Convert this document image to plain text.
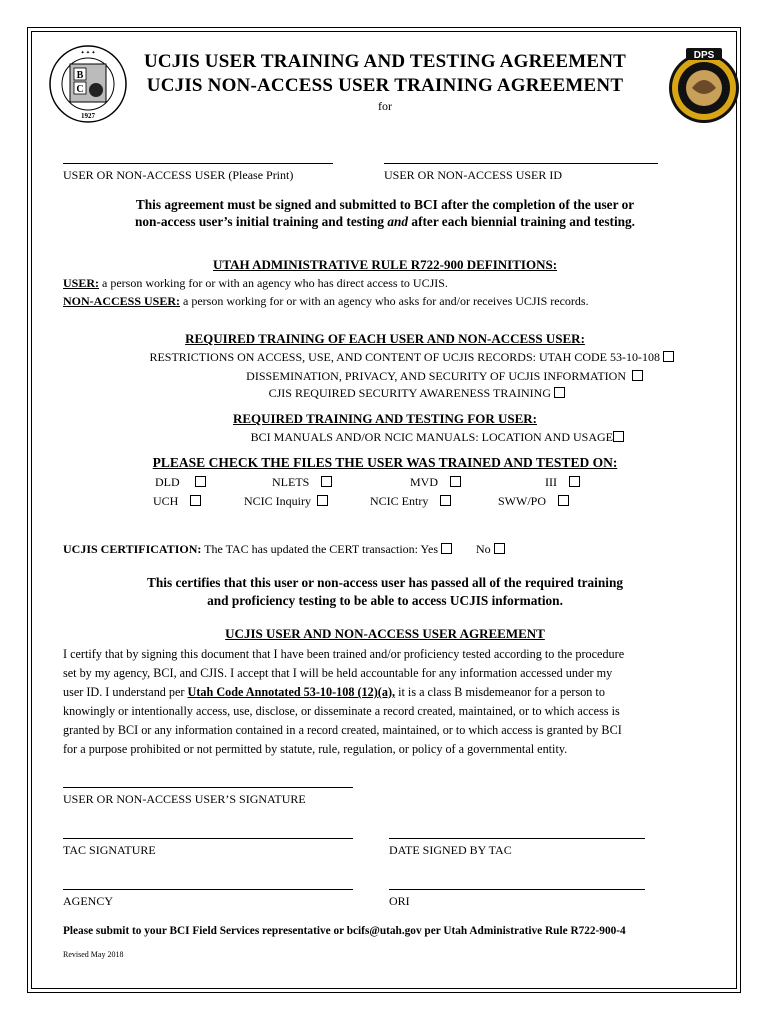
B
C
✦ ✦ ✦
1927
DPS
UCJIS USER TRAINING AND TESTING AGREEMENT
UCJIS NON-ACCESS USER TRAINING AGREEMENT
for
USER OR NON-ACCESS USER (Please Print)	USER OR NON-ACCESS USER ID
This agreement must be signed and submitted to BCI after the completion of the user or
non-access user’s initial training and testing and after each biennial training and testing.
UTAH ADMINISTRATIVE RULE R722-900 DEFINITIONS:
USER: a person working for or with an agency who has direct access to UCJIS.
NON-ACCESS USER: a person working for or with an agency who asks for and/or receives UCJIS records.
REQUIRED TRAINING OF EACH USER AND NON-ACCESS USER:
RESTRICTIONS ON ACCESS, USE, AND CONTENT OF UCJIS RECORDS: UTAH CODE 53-10-108
DISSEMINATION, PRIVACY, AND SECURITY OF UCJIS INFORMATION
CJIS REQUIRED SECURITY AWARENESS TRAINING
REQUIRED TRAINING AND TESTING FOR USER:
BCI MANUALS AND/OR NCIC MANUALS: LOCATION AND USAGE
PLEASE CHECK THE FILES THE USER WAS TRAINED AND TESTED ON:
DLD	NLETS	MVD	III
UCH	NCIC Inquiry	NCIC Entry	SWW/PO
UCJIS CERTIFICATION: The TAC has updated the CERT transaction: Yes	No
This certifies that this user or non-access user has passed all of the required training
and proficiency testing to be able to access UCJIS information.
UCJIS USER AND NON-ACCESS USER AGREEMENT
I certify that by signing this document that I have been trained and/or proficiency tested according to the procedure
set by my agency, BCI, and CJIS. I accept that I will be held accountable for any information accessed under my
user ID. I understand per Utah Code Annotated 53-10-108 (12)(a), it is a class B misdemeanor for a person to
knowingly or intentionally access, use, disclose, or disseminate a record created, maintained, or to which access is
granted by BCI or any information contained in a record created, maintained, or to which access is granted by BCI
for a purpose prohibited or not permitted by statute, rule, regulation, or policy of a governmental entity.
USER OR NON-ACCESS USER’S SIGNATURE
TAC SIGNATURE	DATE SIGNED BY TAC
AGENCY	ORI
Please submit to your BCI Field Services representative or bcifs@utah.gov per Utah Administrative Rule R722-900-4
Revised May 2018
